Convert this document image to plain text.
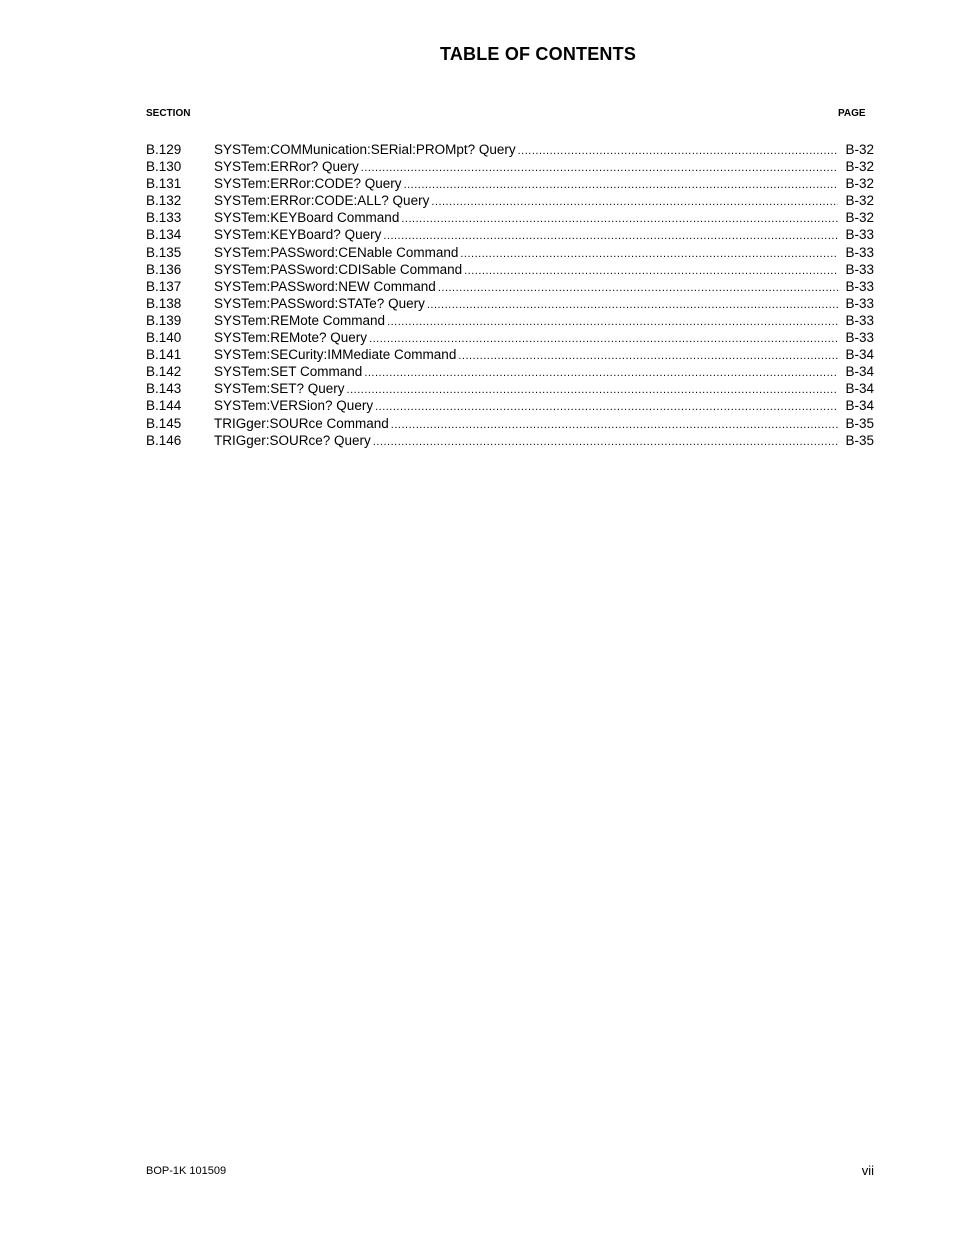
TABLE OF CONTENTS
SECTION	PAGE
B.129	SYSTem:COMMunication:SERial:PROMpt? Query .....	B-32
B.130	SYSTem:ERRor? Query .....	B-32
B.131	SYSTem:ERRor:CODE? Query .....	B-32
B.132	SYSTem:ERRor:CODE:ALL? Query .....	B-32
B.133	SYSTem:KEYBoard Command .....	B-32
B.134	SYSTem:KEYBoard? Query .....	B-33
B.135	SYSTem:PASSword:CENable Command .....	B-33
B.136	SYSTem:PASSword:CDISable Command .....	B-33
B.137	SYSTem:PASSword:NEW Command .....	B-33
B.138	SYSTem:PASSword:STATe? Query .....	B-33
B.139	SYSTem:REMote Command .....	B-33
B.140	SYSTem:REMote? Query .....	B-33
B.141	SYSTem:SECurity:IMMediate Command .....	B-34
B.142	SYSTem:SET Command .....	B-34
B.143	SYSTem:SET? Query .....	B-34
B.144	SYSTem:VERSion? Query .....	B-34
B.145	TRIGger:SOURce Command .....	B-35
B.146	TRIGger:SOURce? Query .....	B-35
BOP-1K 101509	vii
